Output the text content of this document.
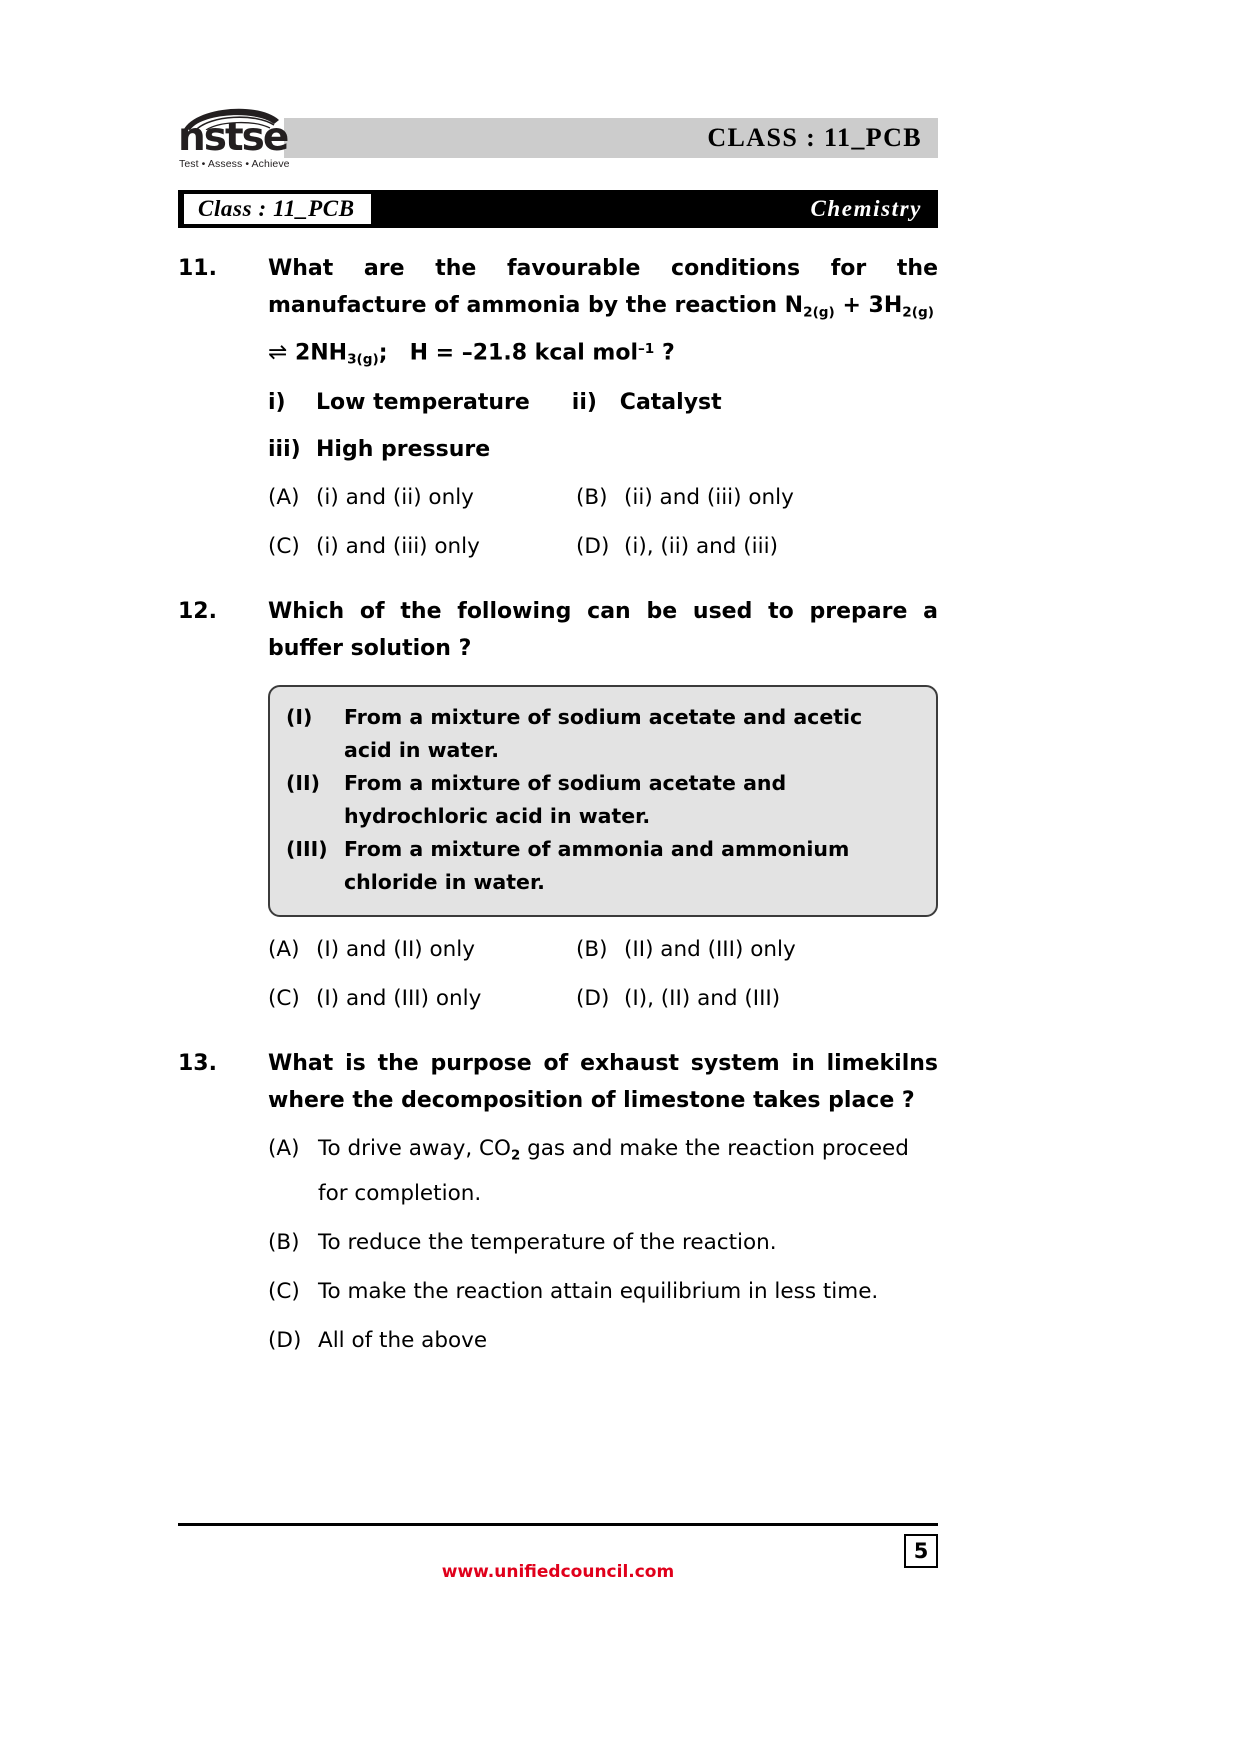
CLASS : 11_PCB
nstse
Test • Assess • Achieve
Class : 11_PCB	Chemistry
11.	What are the favourable conditions for the manufacture of ammonia by the reaction $N_{2(g)} + 3H_{2(g)}$
⇌ $2NH_{3(g)}$; H = –21.8 kcal mol$^{-1}$ ?
i)	Low temperature ii)	Catalyst
iii) High pressure
(A) (i) and (ii) only	(B) (ii) and (iii) only
(C) (i) and (iii) only	(D) (i), (ii) and (iii)
12.	Which of the following can be used to prepare a buffer solution ?
(I)	From a mixture of sodium acetate and acetic acid in water.
(II)	From a mixture of sodium acetate and hydrochloric acid in water.
(III) From a mixture of ammonia and ammonium chloride in water.
(A) (I) and (II) only	(B) (II) and (III) only
(C) (I) and (III) only	(D) (I), (II) and (III)
13.	What is the purpose of exhaust system in limekilns where the decomposition of limestone takes place ?
(A) To drive away, $CO_2$ gas and make the reaction proceed for completion.
(B) To reduce the temperature of the reaction.
(C) To make the reaction attain equilibrium in less time.
(D) All of the above
5
www.unifiedcouncil.com
